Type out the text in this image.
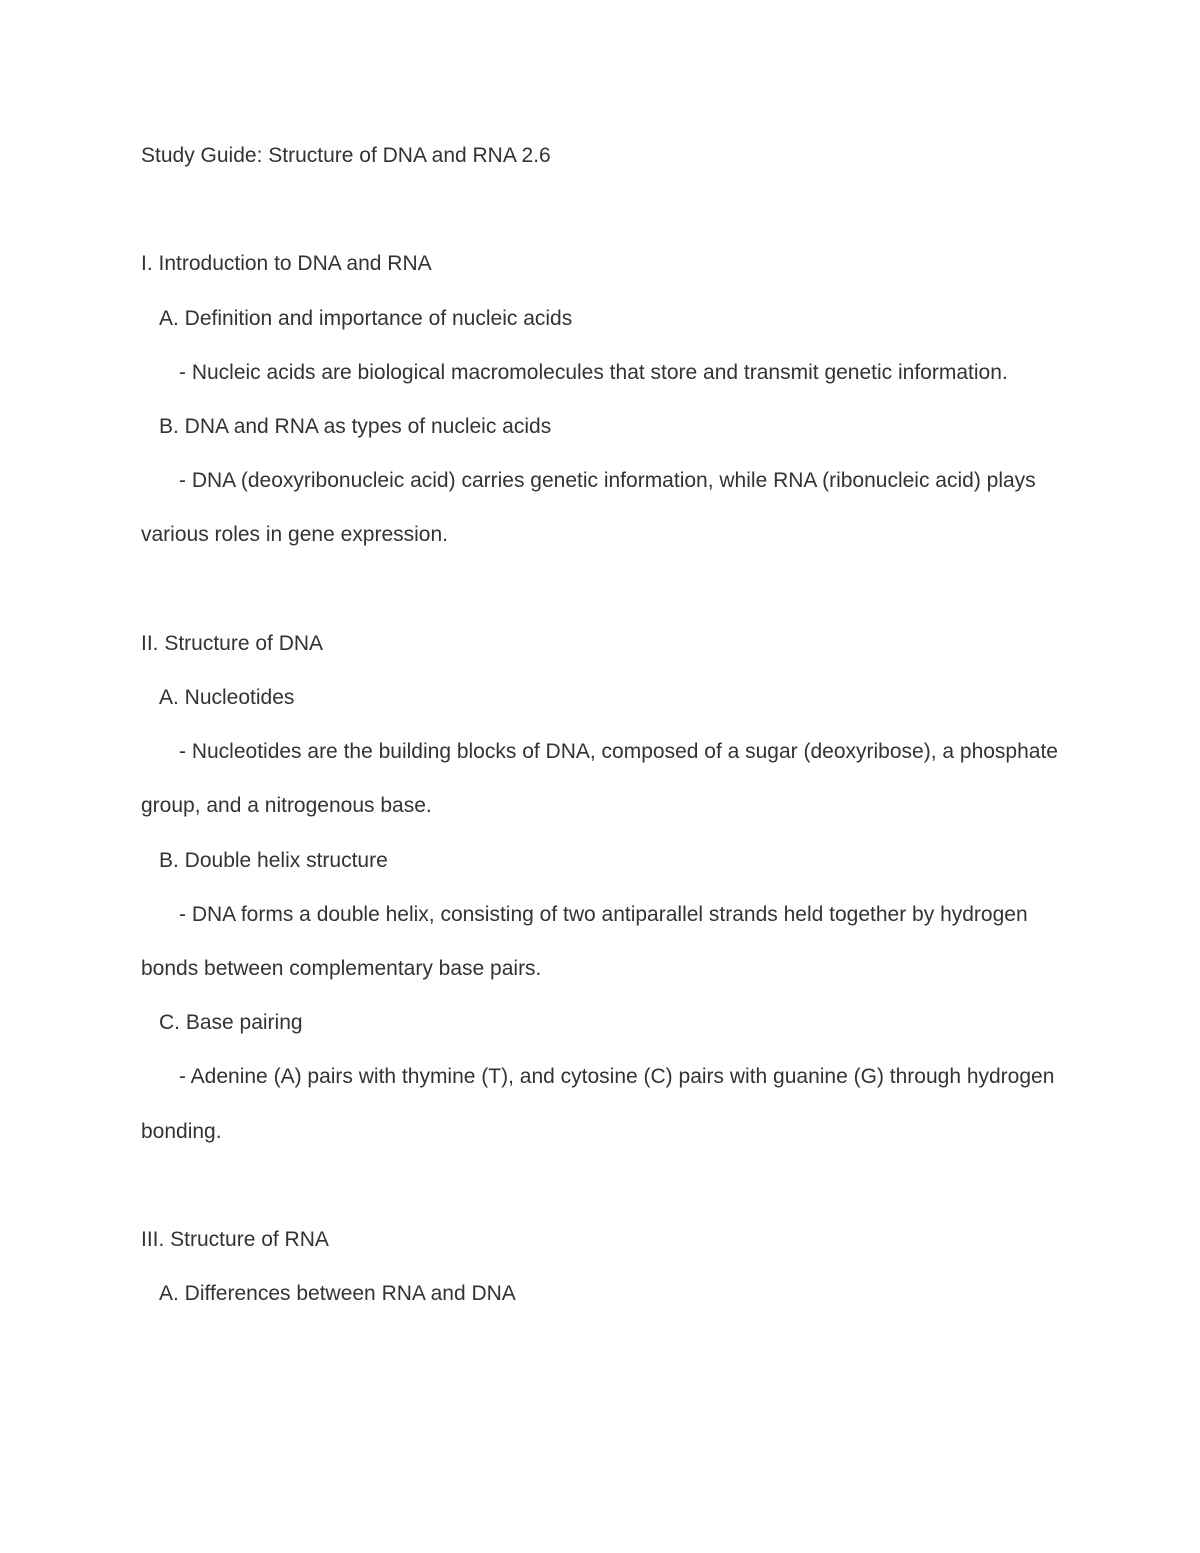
Study Guide: Structure of DNA and RNA 2.6

I. Introduction to DNA and RNA

A. Definition and importance of nucleic acids

- Nucleic acids are biological macromolecules that store and transmit genetic information.

B. DNA and RNA as types of nucleic acids

- DNA (deoxyribonucleic acid) carries genetic information, while RNA (ribonucleic acid) plays various roles in gene expression.

II. Structure of DNA

A. Nucleotides

- Nucleotides are the building blocks of DNA, composed of a sugar (deoxyribose), a phosphate group, and a nitrogenous base.

B. Double helix structure

- DNA forms a double helix, consisting of two antiparallel strands held together by hydrogen bonds between complementary base pairs.

C. Base pairing

- Adenine (A) pairs with thymine (T), and cytosine (C) pairs with guanine (G) through hydrogen bonding.

III. Structure of RNA

A. Differences between RNA and DNA
